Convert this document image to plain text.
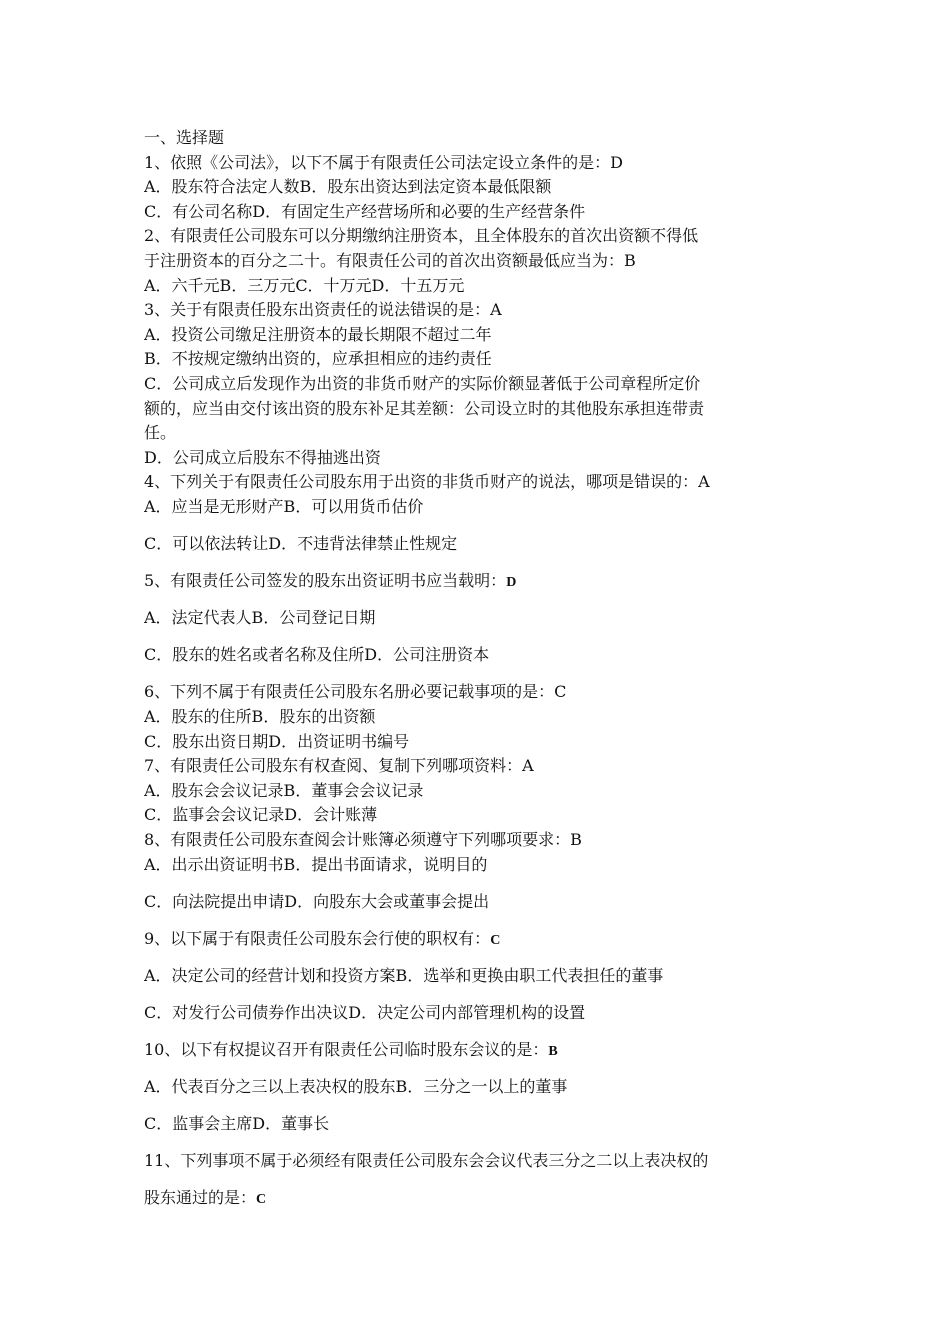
一、选择题
1、依照《公司法》，以下不属于有限责任公司法定设立条件的是：D
A．股东符合法定人数B．股东出资达到法定资本最低限额
C．有公司名称D．有固定生产经营场所和必要的生产经营条件
2、有限责任公司股东可以分期缴纳注册资本，且全体股东的首次出资额不得低
于注册资本的百分之二十。有限责任公司的首次出资额最低应当为：B
A．六千元B．三万元C．十万元D．十五万元
3、关于有限责任股东出资责任的说法错误的是：A
A．投资公司缴足注册资本的最长期限不超过二年
B．不按规定缴纳出资的，应承担相应的违约责任
C．公司成立后发现作为出资的非货币财产的实际价额显著低于公司章程所定价
额的，应当由交付该出资的股东补足其差额：公司设立时的其他股东承担连带责
任。
D．公司成立后股东不得抽逃出资
4、下列关于有限责任公司股东用于出资的非货币财产的说法，哪项是错误的：A
A．应当是无形财产B．可以用货币估价
C．可以依法转让D．不违背法律禁止性规定
5、有限责任公司签发的股东出资证明书应当载明：D
A．法定代表人B．公司登记日期
C．股东的姓名或者名称及住所D．公司注册资本
6、下列不属于有限责任公司股东名册必要记载事项的是：C
A．股东的住所B．股东的出资额
C．股东出资日期D．出资证明书编号
7、有限责任公司股东有权查阅、复制下列哪项资料：A
A．股东会会议记录B．董事会会议记录
C．监事会会议记录D．会计账薄
8、有限责任公司股东查阅会计账簿必须遵守下列哪项要求：B
A．出示出资证明书B．提出书面请求，说明目的
C．向法院提出申请D．向股东大会或董事会提出
9、以下属于有限责任公司股东会行使的职权有：C
A．决定公司的经营计划和投资方案B．选举和更换由职工代表担任的董事
C．对发行公司债券作出决议D．决定公司内部管理机构的设置
10、以下有权提议召开有限责任公司临时股东会议的是：B
A．代表百分之三以上表决权的股东B．三分之一以上的董事
C．监事会主席D．董事长
11、下列事项不属于必须经有限责任公司股东会会议代表三分之二以上表决权的
股东通过的是：C
